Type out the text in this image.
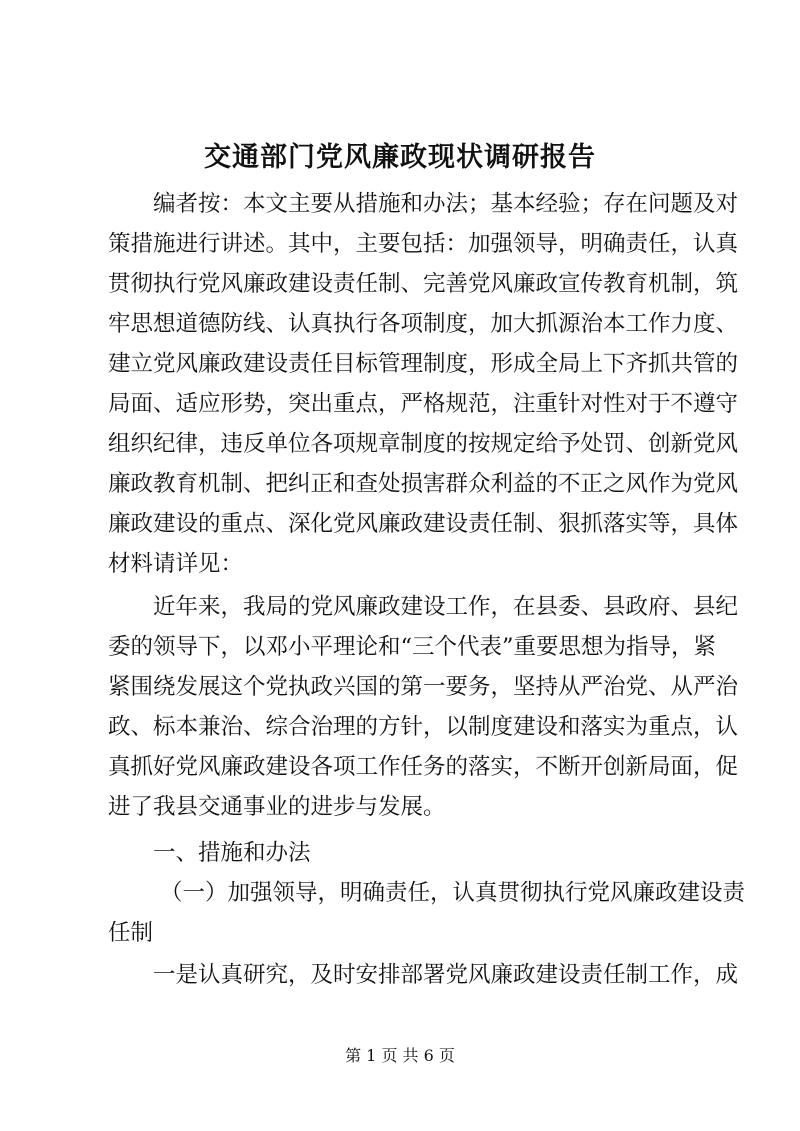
交通部门党风廉政现状调研报告
编者按：本文主要从措施和办法；基本经验；存在问题及对
策措施进行讲述。其中，主要包括：加强领导，明确责任，认真
贯彻执行党风廉政建设责任制、完善党风廉政宣传教育机制，筑
牢思想道德防线、认真执行各项制度，加大抓源治本工作力度、
建立党风廉政建设责任目标管理制度，形成全局上下齐抓共管的
局面、适应形势，突出重点，严格规范，注重针对性对于不遵守
组织纪律，违反单位各项规章制度的按规定给予处罚、创新党风
廉政教育机制、把纠正和查处损害群众利益的不正之风作为党风
廉政建设的重点、深化党风廉政建设责任制、狠抓落实等，具体
材料请详见：
近年来，我局的党风廉政建设工作，在县委、县政府、县纪
委的领导下，以邓小平理论和“三个代表”重要思想为指导，紧
紧围绕发展这个党执政兴国的第一要务，坚持从严治党、从严治
政、标本兼治、综合治理的方针，以制度建设和落实为重点，认
真抓好党风廉政建设各项工作任务的落实，不断开创新局面，促
进了我县交通事业的进步与发展。
一、措施和办法
（一）加强领导，明确责任，认真贯彻执行党风廉政建设责
任制
一是认真研究，及时安排部署党风廉政建设责任制工作，成
第 1 页 共 6 页
